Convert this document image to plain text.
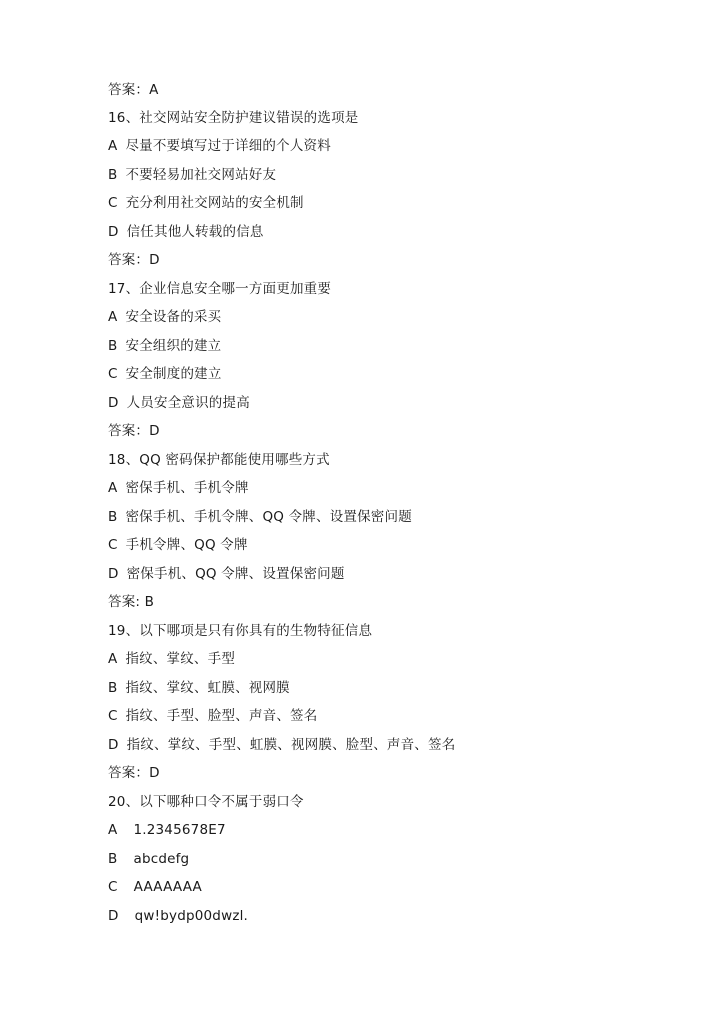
答案：A
16、社交网站安全防护建议错误的选项是
A 尽量不要填写过于详细的个人资料
B 不要轻易加社交网站好友
C 充分利用社交网站的安全机制
D 信任其他人转载的信息
答案：D
17、企业信息安全哪一方面更加重要
A 安全设备的采买
B 安全组织的建立
C 安全制度的建立
D 人员安全意识的提高
答案：D
18、QQ 密码保护都能使用哪些方式
A 密保手机、手机令牌
B 密保手机、手机令牌、QQ 令牌、设置保密问题
C 手机令牌、QQ 令牌
D 密保手机、QQ 令牌、设置保密问题
答案: B
19、以下哪项是只有你具有的生物特征信息
A 指纹、掌纹、手型
B 指纹、掌纹、虹膜、视网膜
C 指纹、手型、脸型、声音、签名
D 指纹、掌纹、手型、虹膜、视网膜、脸型、声音、签名
答案：D
20、以下哪种口令不属于弱口令
A 1.2345678E7
B abcdefg
C AAAAAAA
D qw!bydp00dwzl.
